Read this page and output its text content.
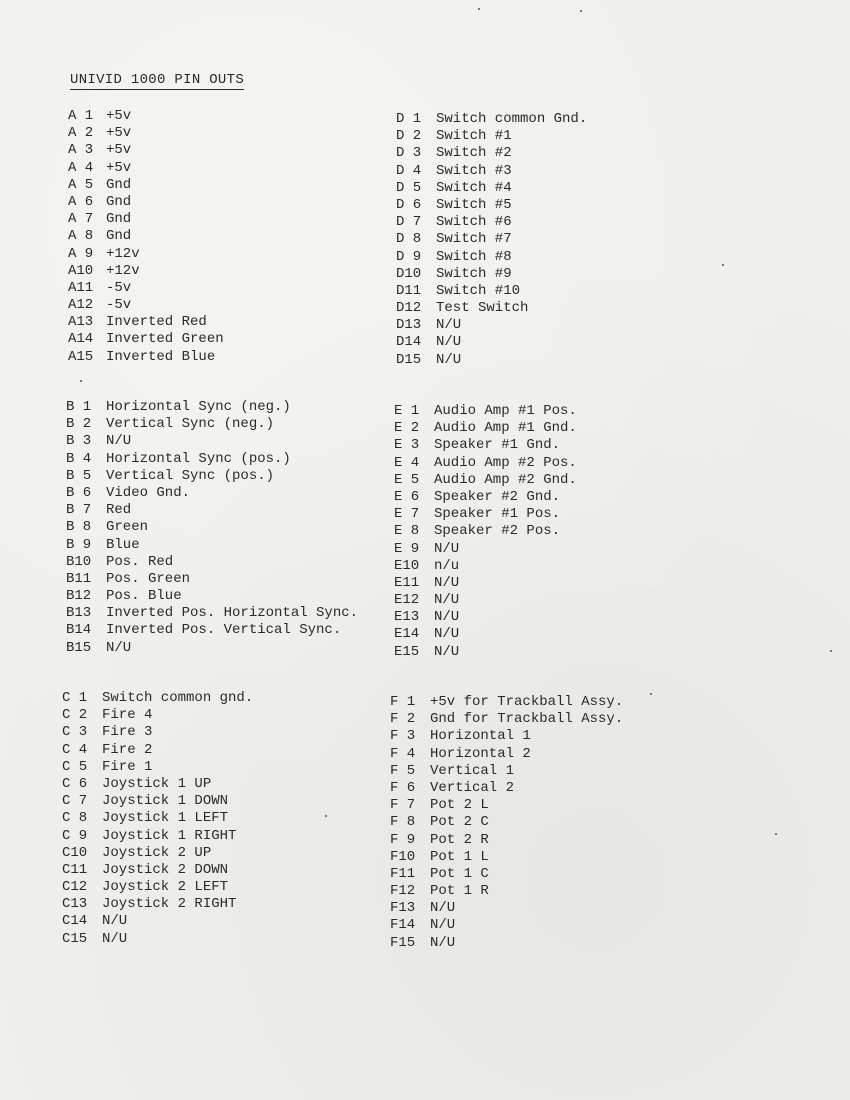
UNIVID 1000 PIN OUTS
A 1 +5v
A 2 +5v
A 3 +5v
A 4 +5v
A 5 Gnd
A 6 Gnd
A 7 Gnd
A 8 Gnd
A 9 +12v
A10 +12v
A11 -5v
A12 -5v
A13 Inverted Red
A14 Inverted Green
A15 Inverted Blue
D 1	Switch common Gnd.
D 2	Switch #1
D 3	Switch #2
D 4	Switch #3
D 5	Switch #4
D 6	Switch #5
D 7	Switch #6
D 8	Switch #7
D 9	Switch #8
D10	Switch #9
D11	Switch #10
D12	Test Switch
D13	N/U
D14	N/U
D15	N/U
B 1	Horizontal Sync (neg.)
B 2	Vertical Sync (neg.)
B 3	N/U
B 4	Horizontal Sync (pos.)
B 5	Vertical Sync (pos.)
B 6	Video Gnd.
B 7	Red
B 8	Green
B 9	Blue
B10	Pos. Red
B11	Pos. Green
B12	Pos. Blue
B13	Inverted Pos. Horizontal Sync.
B14	Inverted Pos. Vertical Sync.
B15	N/U
E 1	Audio Amp #1 Pos.
E 2	Audio Amp #1 Gnd.
E 3	Speaker #1 Gnd.
E 4	Audio Amp #2 Pos.
E 5	Audio Amp #2 Gnd.
E 6	Speaker #2 Gnd.
E 7	Speaker #1 Pos.
E 8	Speaker #2 Pos.
E 9	N/U
E10	n/u
E11	N/U
E12	N/U
E13	N/U
E14	N/U
E15	N/U
C 1	Switch common gnd.
C 2	Fire 4
C 3	Fire 3
C 4	Fire 2
C 5	Fire 1
C 6	Joystick 1 UP
C 7	Joystick 1 DOWN
C 8	Joystick 1 LEFT
C 9	Joystick 1 RIGHT
C10	Joystick 2 UP
C11	Joystick 2 DOWN
C12	Joystick 2 LEFT
C13	Joystick 2 RIGHT
C14	N/U
C15	N/U
F 1	+5v for Trackball Assy.
F 2	Gnd for Trackball Assy.
F 3	Horizontal 1
F 4	Horizontal 2
F 5	Vertical 1
F 6	Vertical 2
F 7	Pot 2 L
F 8	Pot 2 C
F 9	Pot 2 R
F10	Pot 1 L
F11	Pot 1 C
F12	Pot 1 R
F13	N/U
F14	N/U
F15	N/U
